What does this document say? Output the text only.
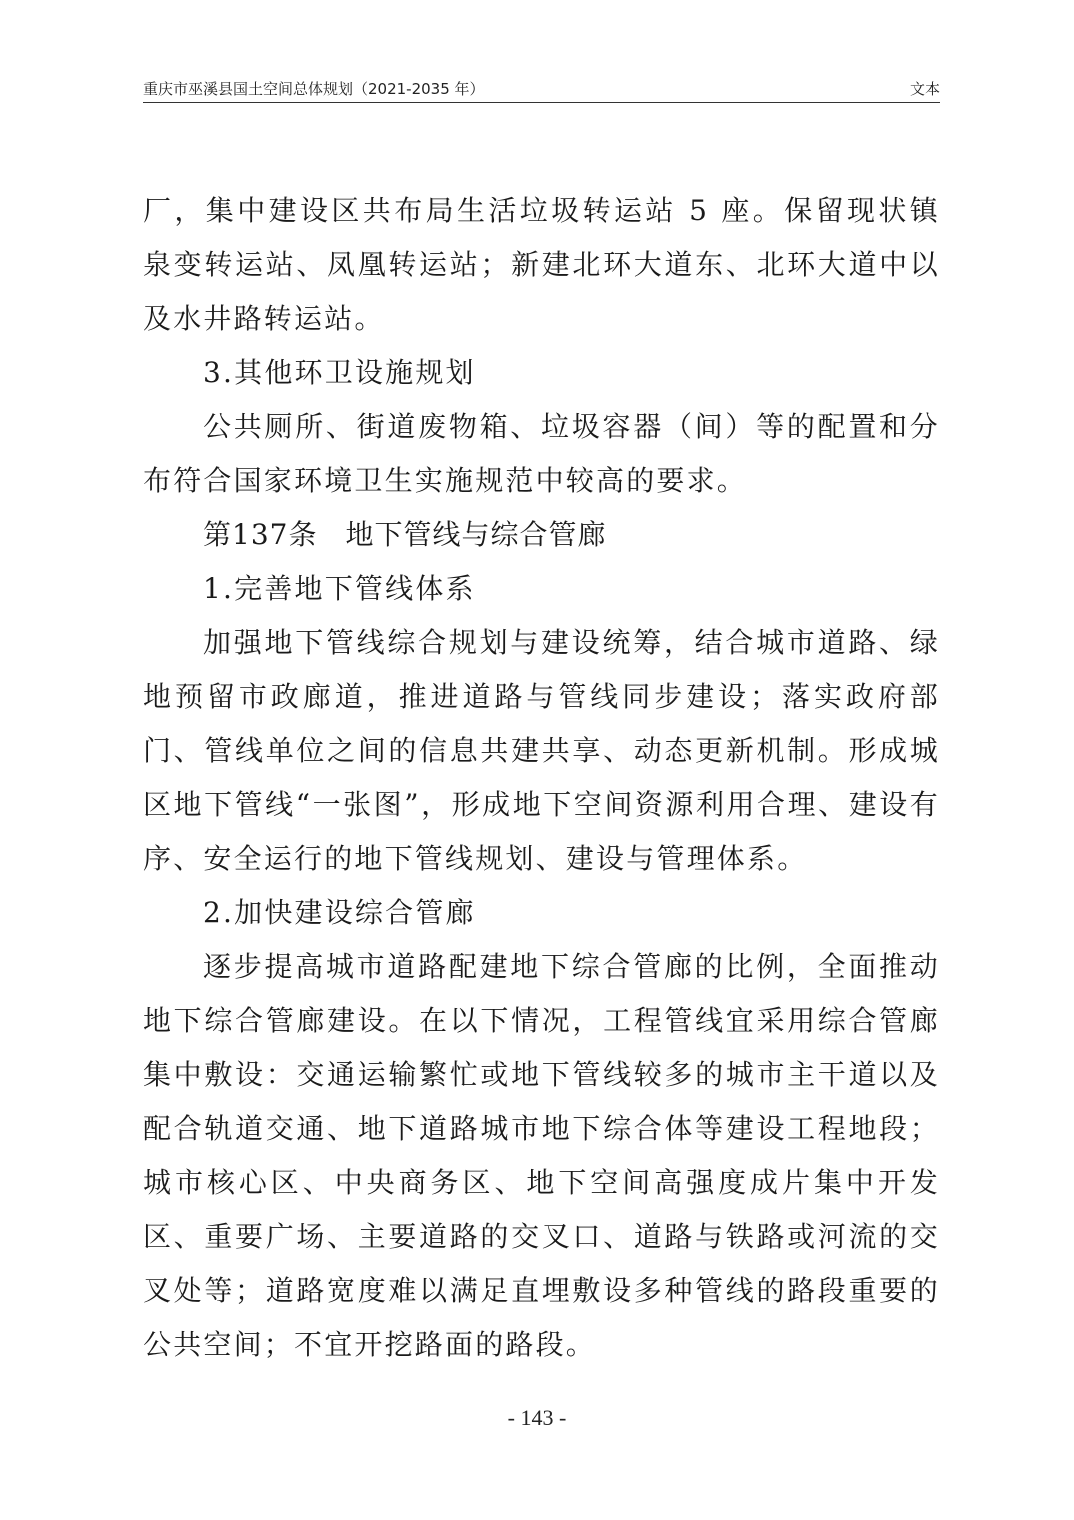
重庆市巫溪县国土空间总体规划（2021-2035 年）	文本

厂，集中建设区共布局生活垃圾转运站 5 座。保留现状镇泉变转运站、凤凰转运站；新建北环大道东、北环大道中以及水井路转运站。

3.其他环卫设施规划

公共厕所、街道废物箱、垃圾容器（间）等的配置和分布符合国家环境卫生实施规范中较高的要求。

第137条 地下管线与综合管廊

1.完善地下管线体系

加强地下管线综合规划与建设统筹，结合城市道路、绿地预留市政廊道，推进道路与管线同步建设；落实政府部门、管线单位之间的信息共建共享、动态更新机制。形成城区地下管线“一张图”，形成地下空间资源利用合理、建设有序、安全运行的地下管线规划、建设与管理体系。

2.加快建设综合管廊

逐步提高城市道路配建地下综合管廊的比例，全面推动地下综合管廊建设。在以下情况，工程管线宜采用综合管廊集中敷设：交通运输繁忙或地下管线较多的城市主干道以及配合轨道交通、地下道路城市地下综合体等建设工程地段；城市核心区、中央商务区、地下空间高强度成片集中开发区、重要广场、主要道路的交叉口、道路与铁路或河流的交叉处等；道路宽度难以满足直埋敷设多种管线的路段重要的公共空间；不宜开挖路面的路段。

- 143 -
